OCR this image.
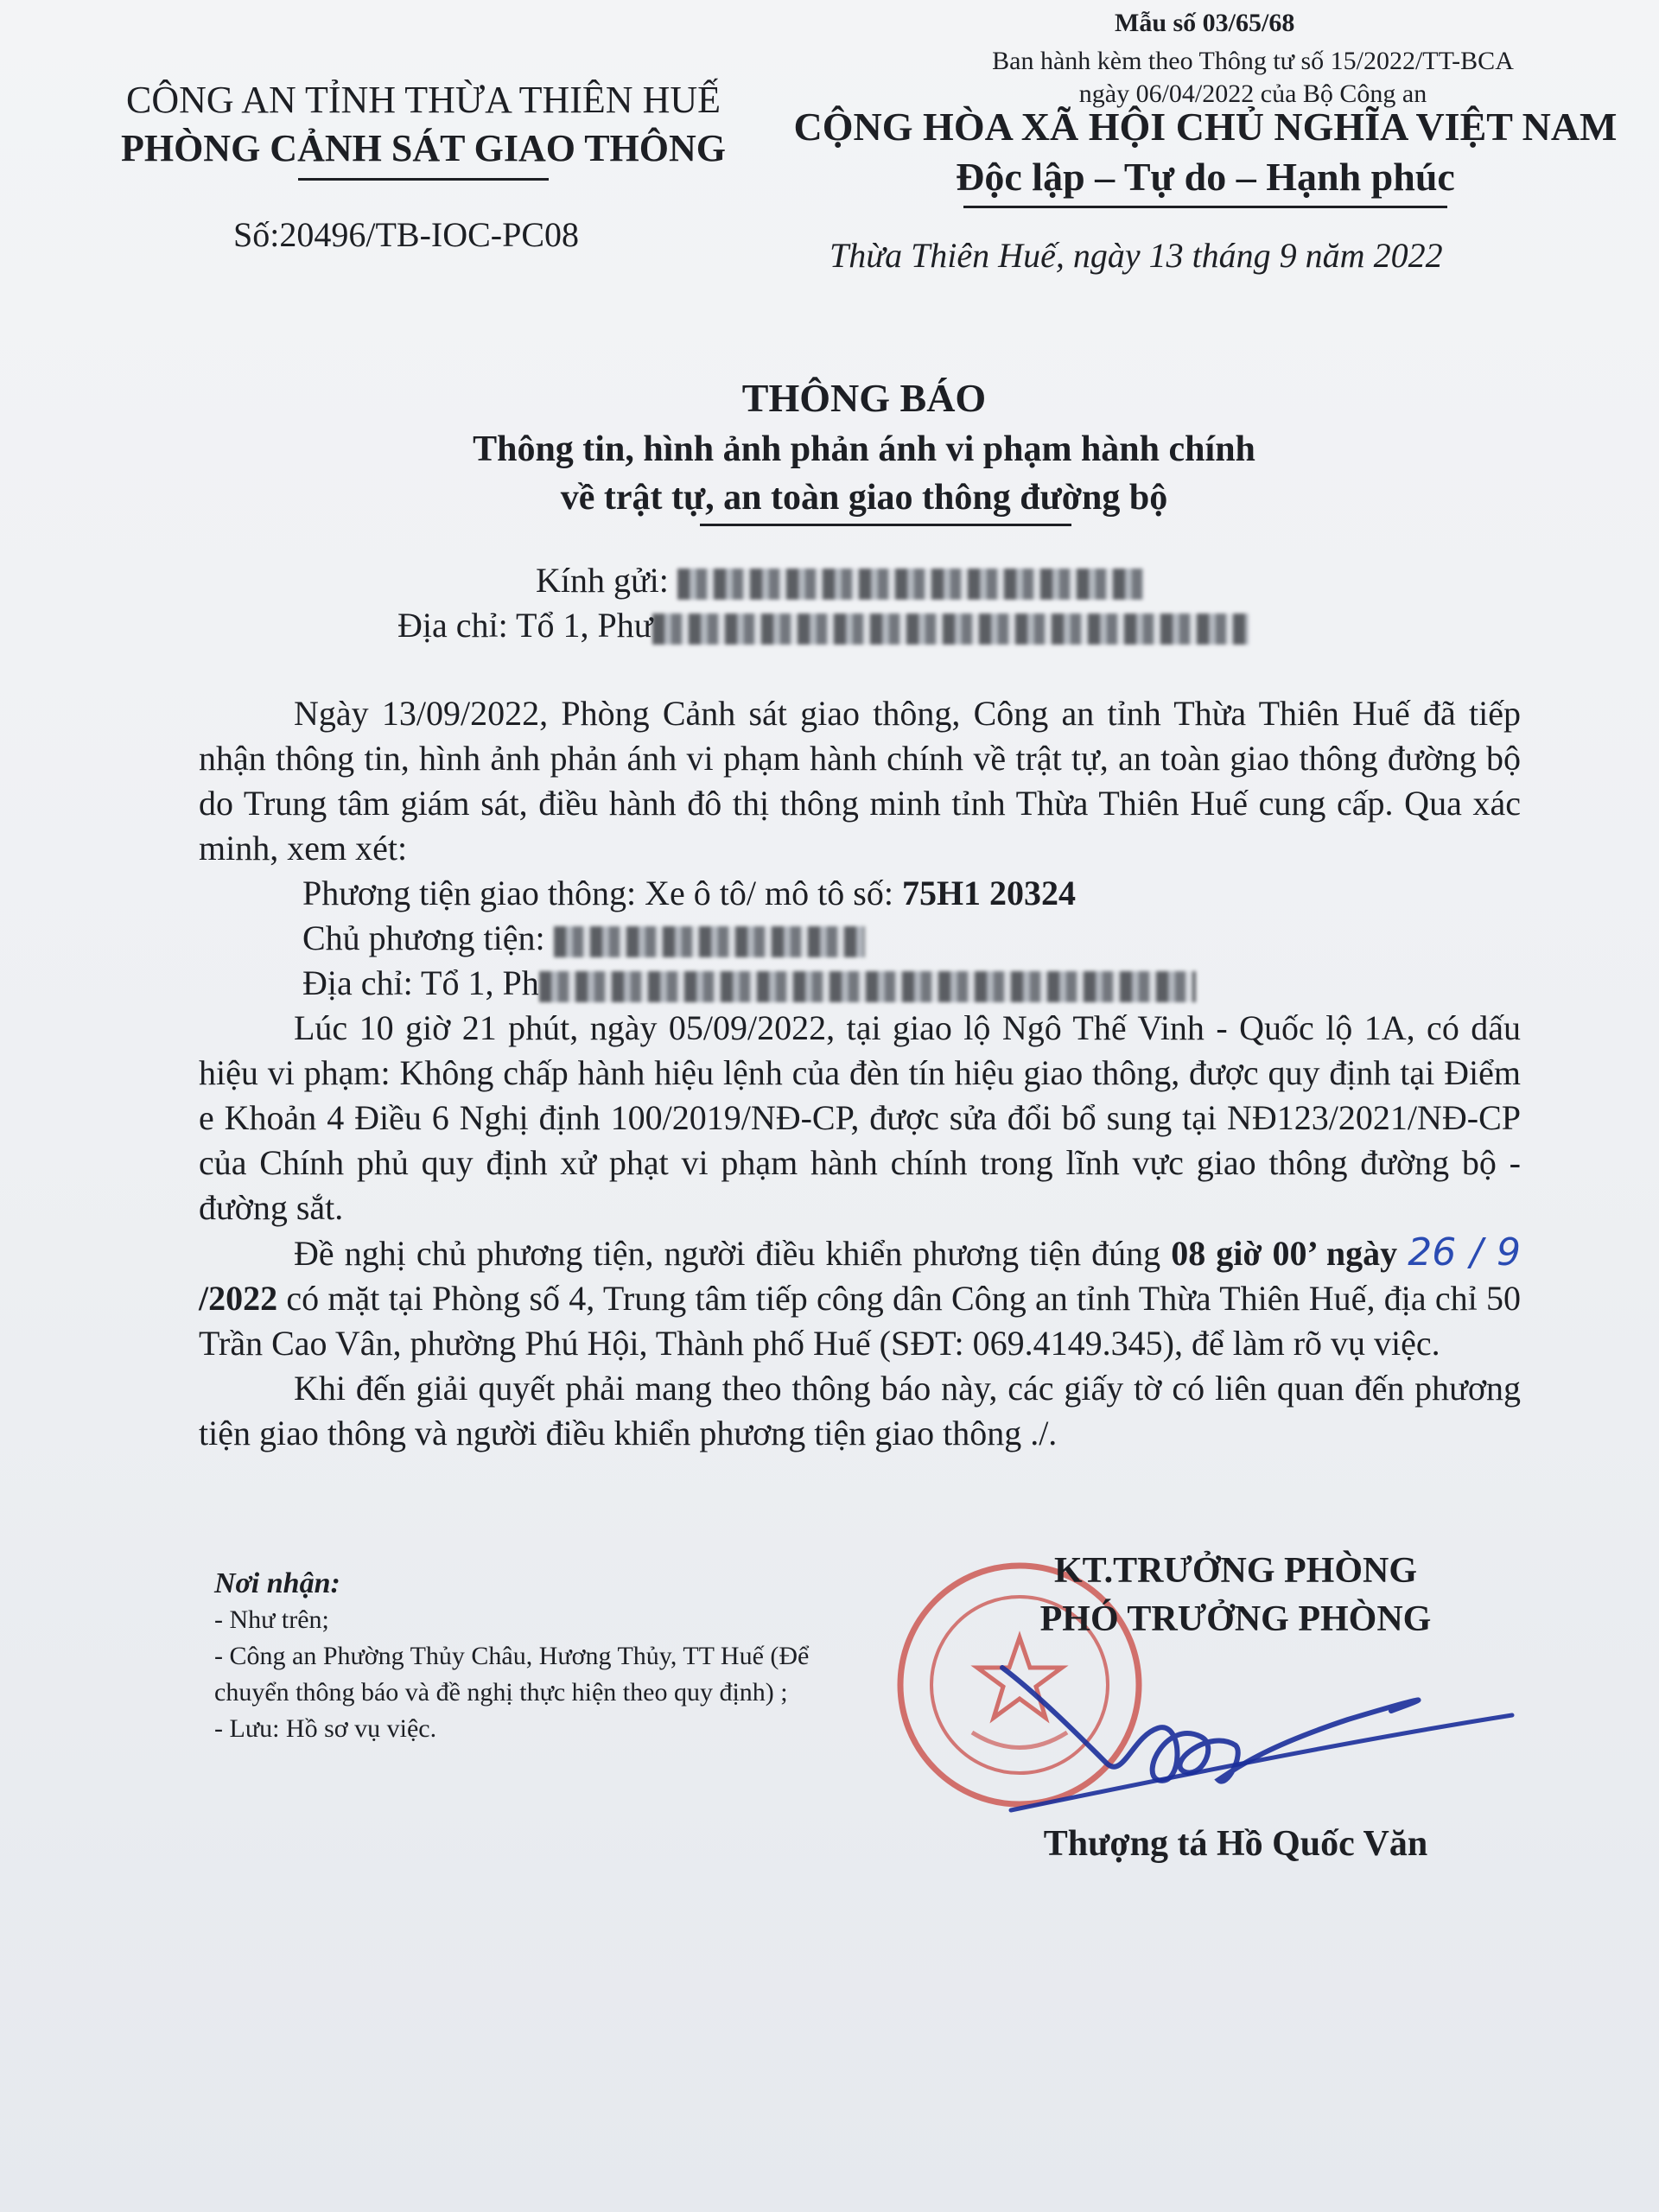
CÔNG AN TỈNH THỪA THIÊN HUẾ
PHÒNG CẢNH SÁT GIAO THÔNG
Số:20496/TB-IOC-PC08
Mẫu số 03/65/68
Ban hành kèm theo Thông tư số 15/2022/TT-BCA
ngày 06/04/2022 của Bộ Công an
CỘNG HÒA XÃ HỘI CHỦ NGHĨA VIỆT NAM
Độc lập – Tự do – Hạnh phúc
Thừa Thiên Huế, ngày 13 tháng 9 năm 2022
THÔNG BÁO
Thông tin, hình ảnh phản ánh vi phạm hành chính
về trật tự, an toàn giao thông đường bộ
Kính gửi:
Địa chỉ: Tổ 1, Phư

Ngày 13/09/2022, Phòng Cảnh sát giao thông, Công an tỉnh Thừa Thiên Huế đã tiếp nhận thông tin, hình ảnh phản ánh vi phạm hành chính về trật tự, an toàn giao thông đường bộ do Trung tâm giám sát, điều hành đô thị thông minh tỉnh Thừa Thiên Huế cung cấp. Qua xác minh, xem xét:

Phương tiện giao thông: Xe ô tô/ mô tô số: 75H1 20324

Chủ phương tiện:

Địa chỉ: Tổ 1, Ph

Lúc 10 giờ 21 phút, ngày 05/09/2022, tại giao lộ Ngô Thế Vinh - Quốc lộ 1A, có dấu hiệu vi phạm: Không chấp hành hiệu lệnh của đèn tín hiệu giao thông, được quy định tại Điểm e Khoản 4 Điều 6 Nghị định 100/2019/NĐ-CP, được sửa đổi bổ sung tại NĐ123/2021/NĐ-CP của Chính phủ quy định xử phạt vi phạm hành chính trong lĩnh vực giao thông đường bộ - đường sắt.

Đề nghị chủ phương tiện, người điều khiển phương tiện đúng 08 giờ 00’ ngày 26 / 9 /2022 có mặt tại Phòng số 4, Trung tâm tiếp công dân Công an tỉnh Thừa Thiên Huế, địa chỉ 50 Trần Cao Vân, phường Phú Hội, Thành phố Huế (SĐT: 069.4149.345), để làm rõ vụ việc.

Khi đến giải quyết phải mang theo thông báo này, các giấy tờ có liên quan đến phương tiện giao thông và người điều khiển phương tiện giao thông ./.

Nơi nhận:
- Như trên;
- Công an Phường Thủy Châu, Hương Thủy, TT Huế (Để chuyển thông báo và đề nghị thực hiện theo quy định) ;
- Lưu: Hồ sơ vụ việc.
KT.TRƯỞNG PHÒNG
PHÓ TRƯỞNG PHÒNG
Thượng tá Hồ Quốc Văn
